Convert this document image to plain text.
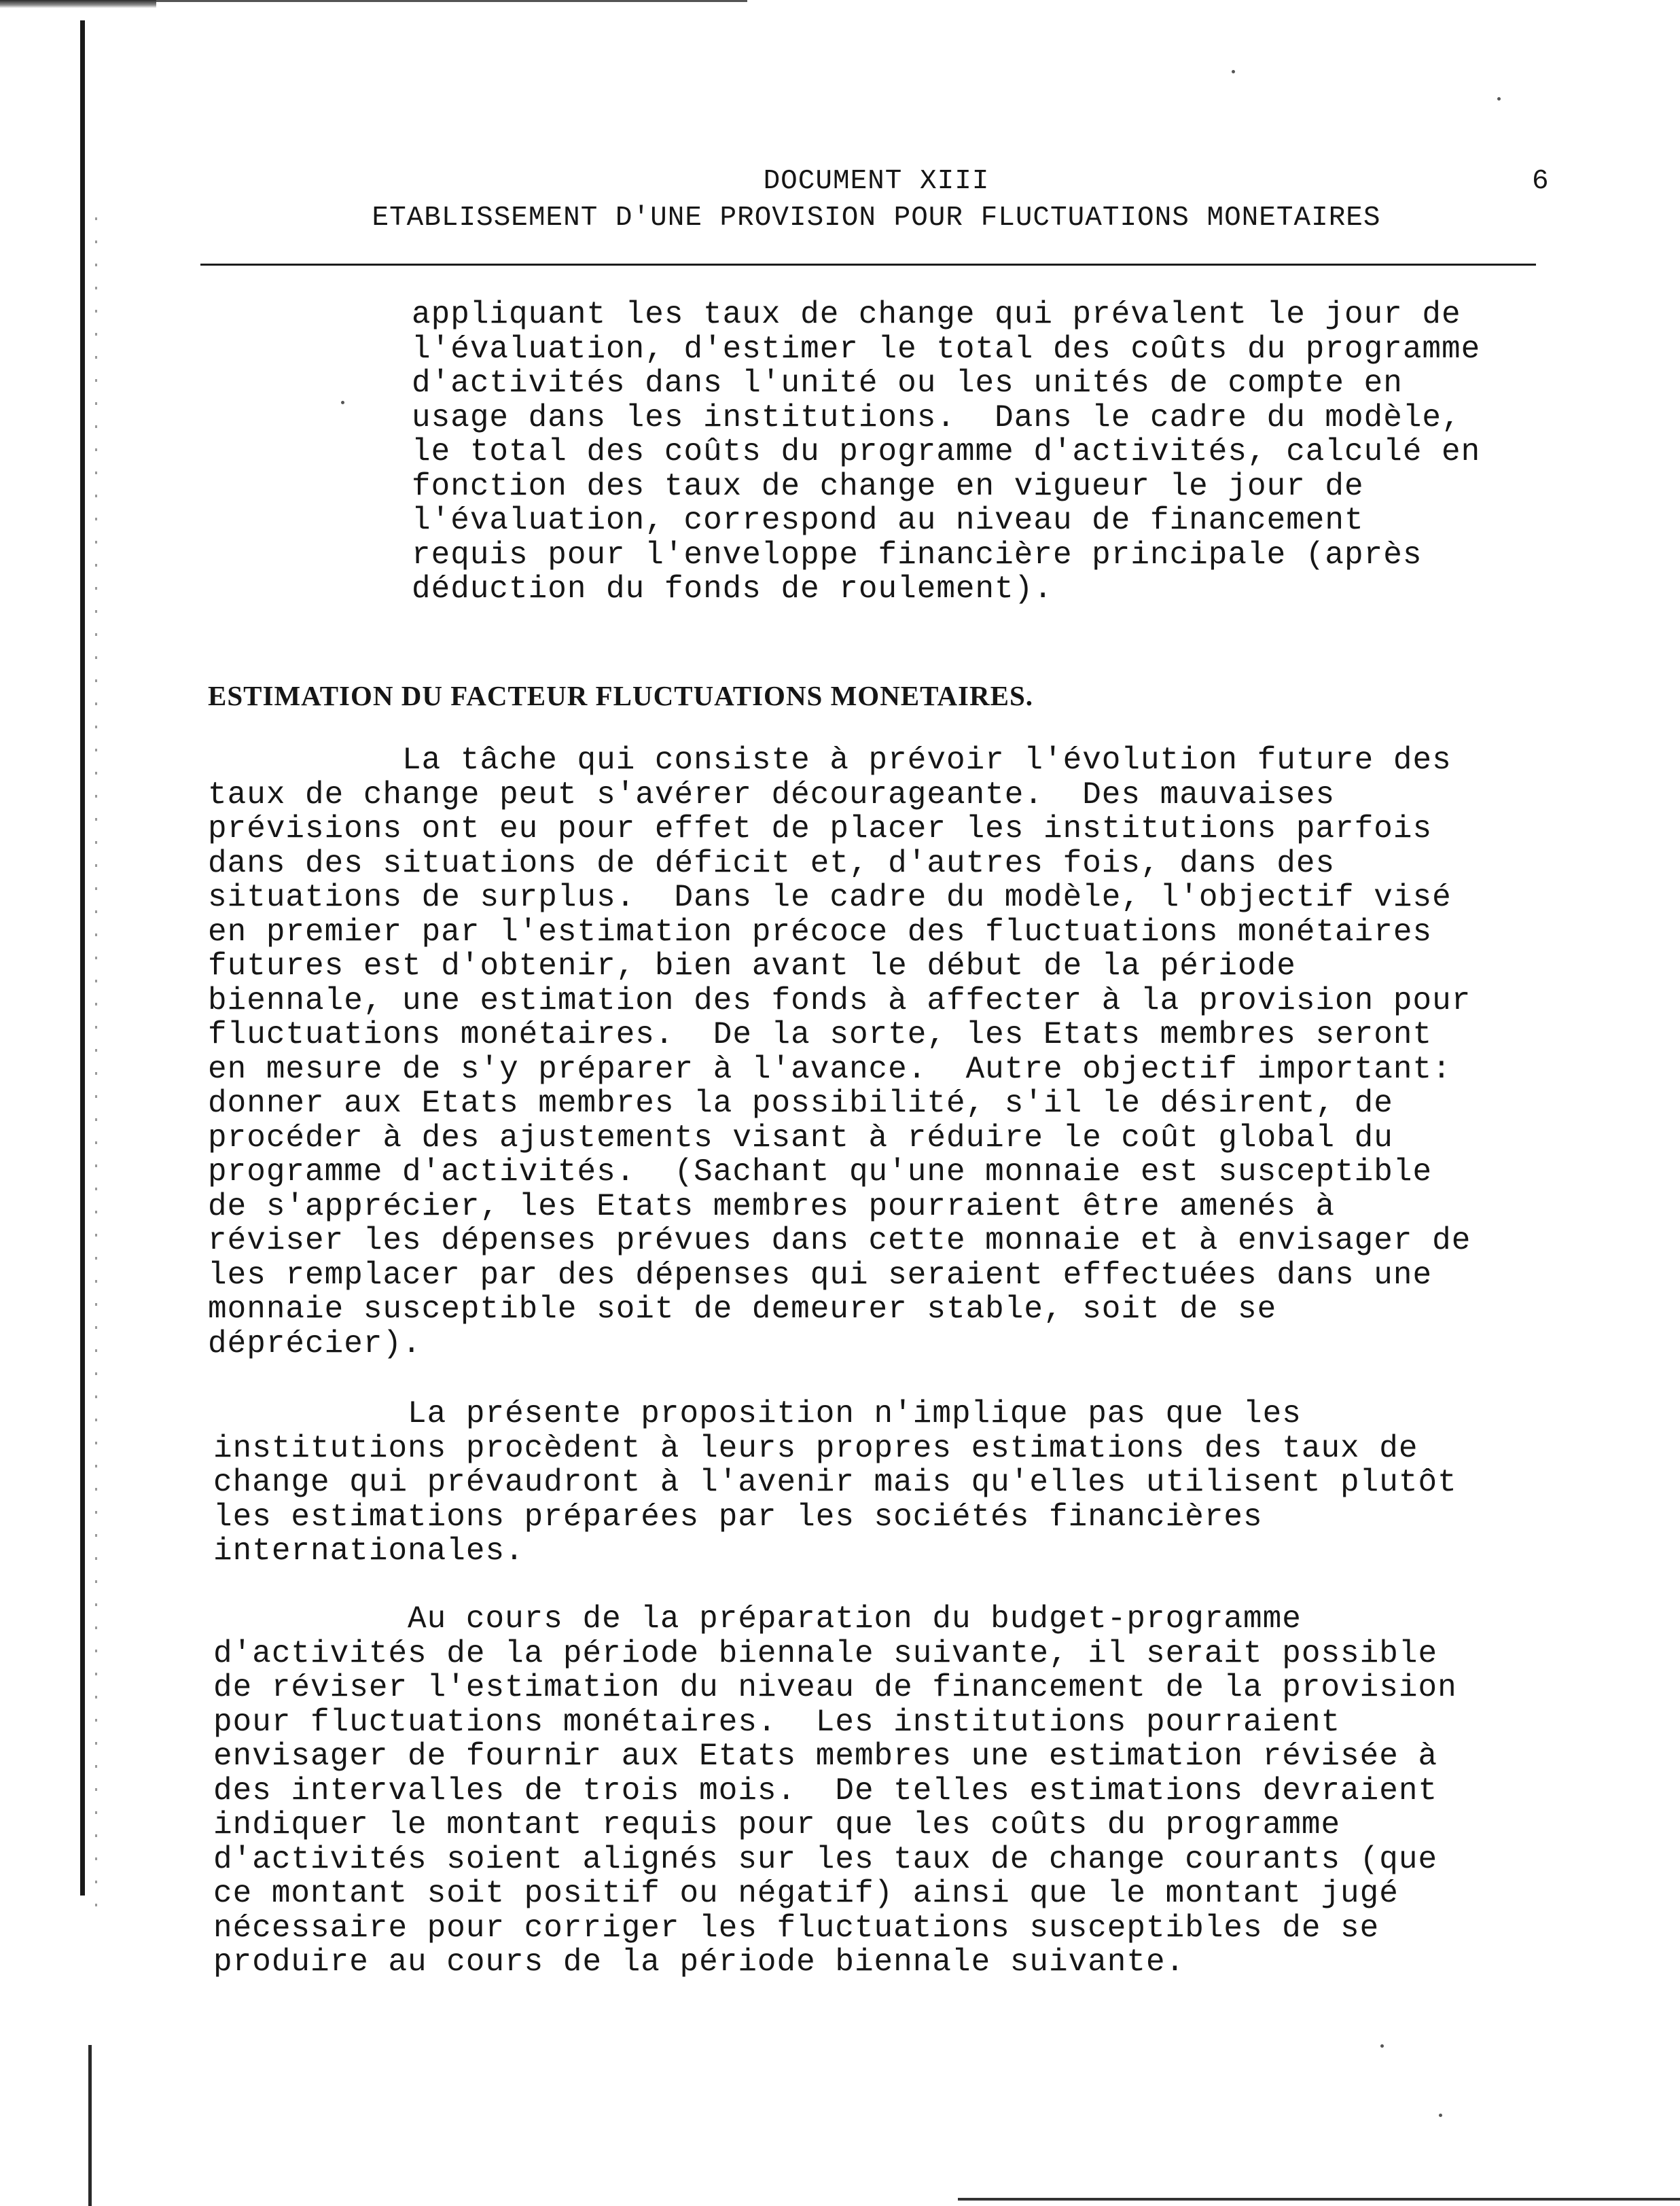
DOCUMENT XIII
ETABLISSEMENT D'UNE PROVISION POUR FLUCTUATIONS MONETAIRES
6

appliquant les taux de change qui prévalent le jour de
l'évaluation, d'estimer le total des coûts du programme
d'activités dans l'unité ou les unités de compte en
usage dans les institutions.  Dans le cadre du modèle,
le total des coûts du programme d'activités, calculé en
fonction des taux de change en vigueur le jour de
l'évaluation, correspond au niveau de financement
requis pour l'enveloppe financière principale (après
déduction du fonds de roulement).

ESTIMATION DU FACTEUR FLUCTUATIONS MONETAIRES.

La tâche qui consiste à prévoir l'évolution future des
taux de change peut s'avérer décourageante.  Des mauvaises
prévisions ont eu pour effet de placer les institutions parfois
dans des situations de déficit et, d'autres fois, dans des
situations de surplus.  Dans le cadre du modèle, l'objectif visé
en premier par l'estimation précoce des fluctuations monétaires
futures est d'obtenir, bien avant le début de la période
biennale, une estimation des fonds à affecter à la provision pour
fluctuations monétaires.  De la sorte, les Etats membres seront
en mesure de s'y préparer à l'avance.  Autre objectif important:
donner aux Etats membres la possibilité, s'il le désirent, de
procéder à des ajustements visant à réduire le coût global du
programme d'activités.  (Sachant qu'une monnaie est susceptible
de s'apprécier, les Etats membres pourraient être amenés à
réviser les dépenses prévues dans cette monnaie et à envisager de
les remplacer par des dépenses qui seraient effectuées dans une
monnaie susceptible soit de demeurer stable, soit de se
déprécier).

La présente proposition n'implique pas que les
institutions procèdent à leurs propres estimations des taux de
change qui prévaudront à l'avenir mais qu'elles utilisent plutôt
les estimations préparées par les sociétés financières
internationales.

Au cours de la préparation du budget-programme
d'activités de la période biennale suivante, il serait possible
de réviser l'estimation du niveau de financement de la provision
pour fluctuations monétaires.  Les institutions pourraient
envisager de fournir aux Etats membres une estimation révisée à
des intervalles de trois mois.  De telles estimations devraient
indiquer le montant requis pour que les coûts du programme
d'activités soient alignés sur les taux de change courants (que
ce montant soit positif ou négatif) ainsi que le montant jugé
nécessaire pour corriger les fluctuations susceptibles de se
produire au cours de la période biennale suivante.
